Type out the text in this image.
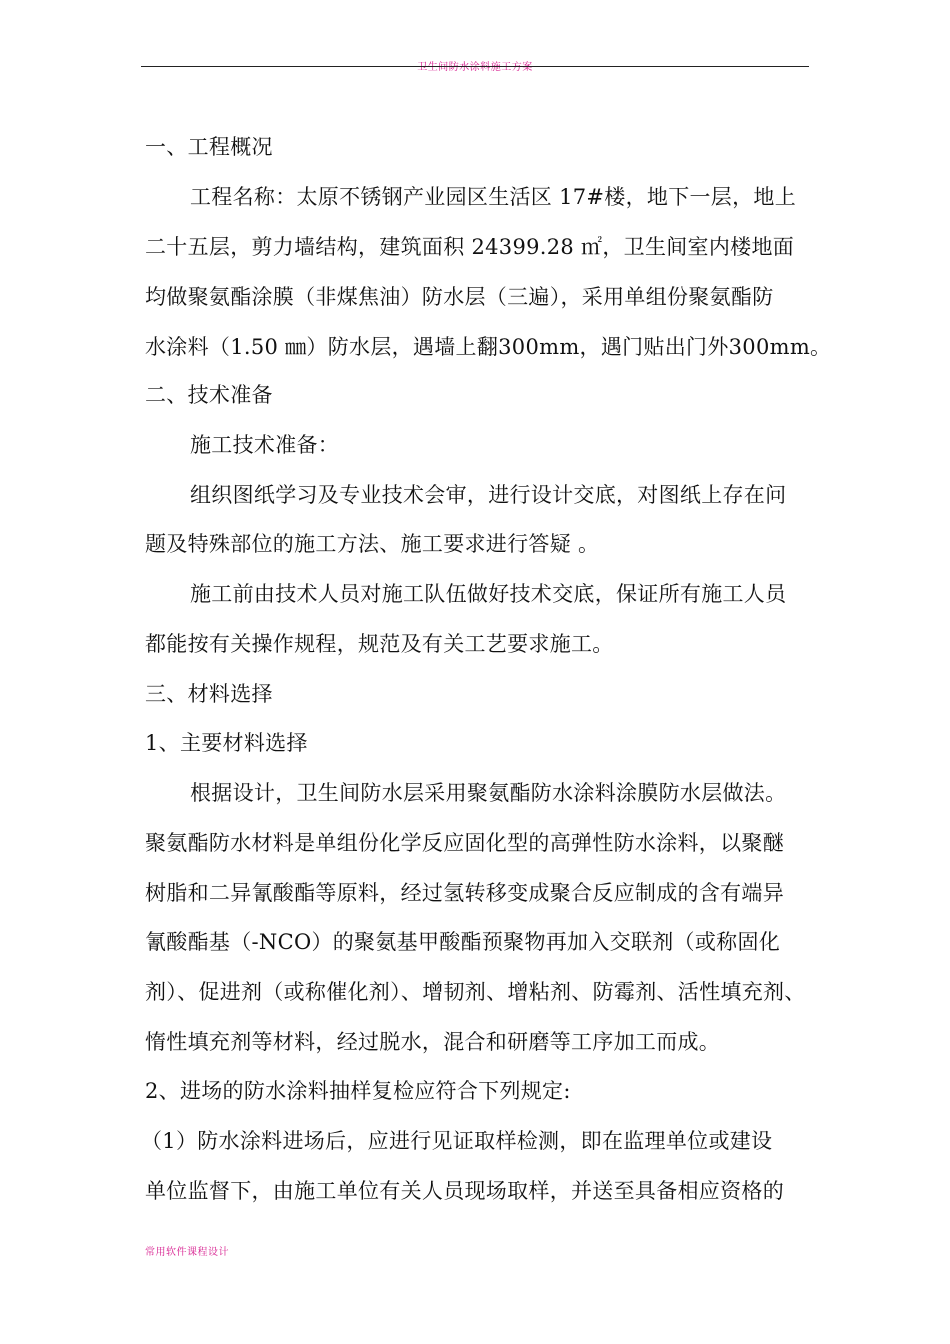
卫生间防水涂料施工方案
一、工程概况
工程名称：太原不锈钢产业园区生活区 17#楼，地下一层，地上
二十五层，剪力墙结构，建筑面积 24399.28 ㎡，卫生间室内楼地面
均做聚氨酯涂膜（非煤焦油）防水层（三遍），采用单组份聚氨酯防
水涂料（1.50 ㎜）防水层，遇墙上翻300mm，遇门贴出门外300mm。
二、技术准备
施工技术准备：
组织图纸学习及专业技术会审，进行设计交底，对图纸上存在问
题及特殊部位的施工方法、施工要求进行答疑 。
施工前由技术人员对施工队伍做好技术交底，保证所有施工人员
都能按有关操作规程，规范及有关工艺要求施工。
三、材料选择
1、主要材料选择
根据设计，卫生间防水层采用聚氨酯防水涂料涂膜防水层做法。
聚氨酯防水材料是单组份化学反应固化型的高弹性防水涂料，以聚醚
树脂和二异氰酸酯等原料，经过氢转移变成聚合反应制成的含有端异
氰酸酯基（-NCO）的聚氨基甲酸酯预聚物再加入交联剂（或称固化
剂）、促进剂（或称催化剂）、增韧剂、增粘剂、防霉剂、活性填充剂、
惰性填充剂等材料，经过脱水，混合和研磨等工序加工而成。
2、进场的防水涂料抽样复检应符合下列规定:
（1）防水涂料进场后，应进行见证取样检测，即在监理单位或建设
单位监督下，由施工单位有关人员现场取样，并送至具备相应资格的
常用软件课程设计
